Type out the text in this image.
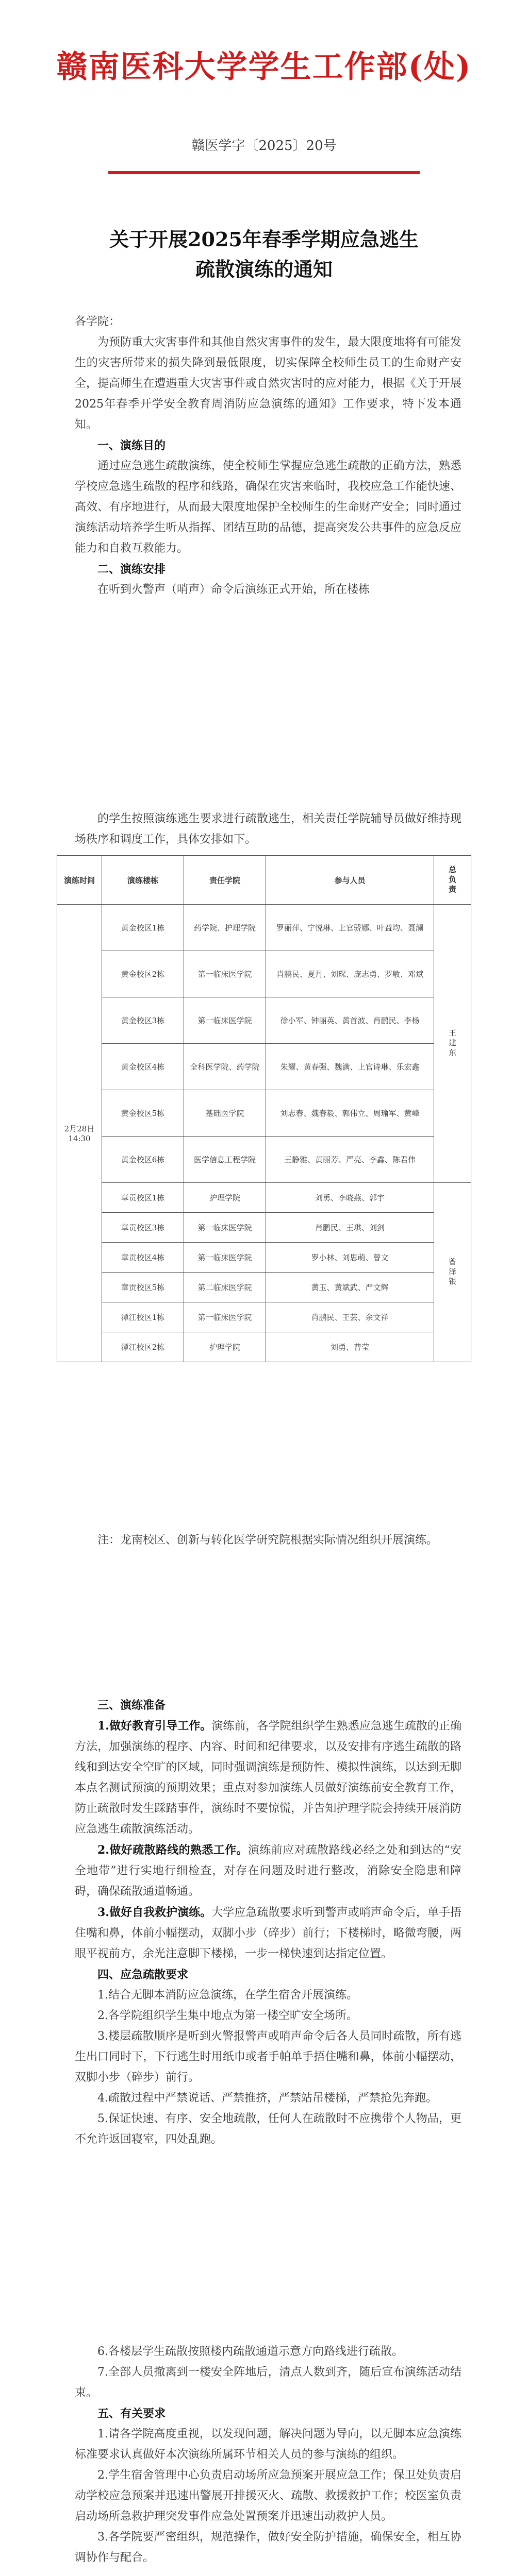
赣南医科大学学生工作部(处)
赣医学字〔2025〕20号
关于开展2025年春季学期应急逃生疏散演练的通知

各学院：

为预防重大灾害事件和其他自然灾害事件的发生，最大限度地将有可能发生的灾害所带来的损失降到最低限度，切实保障全校师生员工的生命财产安全，提高师生在遭遇重大灾害事件或自然灾害时的应对能力，根据《关于开展2025年春季开学安全教育周消防应急演练的通知》工作要求，特下发本通知。

一、演练目的

通过应急逃生疏散演练，使全校师生掌握应急逃生疏散的正确方法，熟悉学校应急逃生疏散的程序和线路，确保在灾害来临时，我校应急工作能快速、高效、有序地进行，从而最大限度地保护全校师生的生命财产安全；同时通过演练活动培养学生听从指挥、团结互助的品德，提高突发公共事件的应急反应能力和自救互救能力。

二、演练安排

在听到火警声（哨声）命令后演练正式开始，所在楼栋

的学生按照演练逃生要求进行疏散逃生，相关责任学院辅导员做好维持现场秩序和调度工作，具体安排如下。

演练时间	演练楼栋	责任学院	参与人员	总负责

2月28日14:30	黄金校区1栋	药学院、护理学院	罗丽萍、宁悦琳、上官骄娜、叶益均、聂澜	王建东

	黄金校区2栋	第一临床医学院	肖鹏民、夏丹、刘琛、庞志勇、罗敏、邓斌	
	黄金校区3栋	第一临床医学院	徐小军、钟丽英、黄首波、肖鹏民、李杨	
	黄金校区4栋	全科医学院、药学院	朱耀、黄春强、魏满、上官诗琳、乐宏鑫	
	黄金校区5栋	基础医学院	刘志春、魏春毅、郭伟立、周瑜军、黄峰	
	黄金校区6栋	医学信息工程学院	王静雅、黄丽芳、严亮、李鑫、陈君伟	
	章贡校区1栋	护理学院	刘勇、李晓燕、郭宇	曾泽银

	章贡校区3栋	第一临床医学院	肖鹏民、王琪、刘剑	
	章贡校区4栋	第一临床医学院	罗小林、刘思萌、曾文	
	章贡校区5栋	第二临床医学院	黄玉、黄斌武、严文辉	
	潭江校区1栋	第一临床医学院	肖鹏民、王芸、余文祥	
	潭江校区2栋	护理学院	刘勇、曹莹	

注：龙南校区、创新与转化医学研究院根据实际情况组织开展演练。

三、演练准备

1.做好教育引导工作。演练前，各学院组织学生熟悉应急逃生疏散的正确方法，加强演练的程序、内容、时间和纪律要求，以及安排有序逃生疏散的路线和到达安全空旷的区域，同时强调演练是预防性、模拟性演练，以达到无脚本点名测试预演的预期效果；重点对参加演练人员做好演练前安全教育工作，防止疏散时发生踩踏事件，演练时不要惊慌，并告知护理学院会持续开展消防应急逃生疏散演练活动。

2.做好疏散路线的熟悉工作。演练前应对疏散路线必经之处和到达的“安全地带”进行实地行细检查，对存在问题及时进行整改，消除安全隐患和障碍，确保疏散通道畅通。

3.做好自我救护演练。大学应急疏散要求听到警声或哨声命令后，单手捂住嘴和鼻，体前小幅摆动，双脚小步（碎步）前行；下楼梯时，略微弯腰，两眼平视前方，余光注意脚下楼梯，一步一梯快速到达指定位置。

四、应急疏散要求

1.结合无脚本消防应急演练，在学生宿舍开展演练。

2.各学院组织学生集中地点为第一楼空旷安全场所。

3.楼层疏散顺序是听到火警报警声或哨声命令后各人员同时疏散，所有逃生出口同时下，下行逃生时用纸巾或者手帕单手捂住嘴和鼻，体前小幅摆动，双脚小步（碎步）前行。

4.疏散过程中严禁说话、严禁推挤，严禁站吊楼梯，严禁抢先奔跑。

5.保证快速、有序、安全地疏散，任何人在疏散时不应携带个人物品，更不允许返回寝室，四处乱跑。

6.各楼层学生疏散按照楼内疏散通道示意方向路线进行疏散。

7.全部人员撤离到一楼安全阵地后，清点人数到齐，随后宣布演练活动结束。

五、有关要求

1.请各学院高度重视，以发现问题，解决问题为导向，以无脚本应急演练标准要求认真做好本次演练所属环节相关人员的参与演练的组织。

2.学生宿舍管理中心负责启动场所应急预案开展应急工作；保卫处负责启动学校应急预案并迅速出警展开排援灭火、疏散、救援救护工作；校医室负责启动场所急救护理突发事件应急处置预案并迅速出动救护人员。

3.各学院要严密组织，规范操作，做好安全防护措施，确保安全，相互协调协作与配合。
